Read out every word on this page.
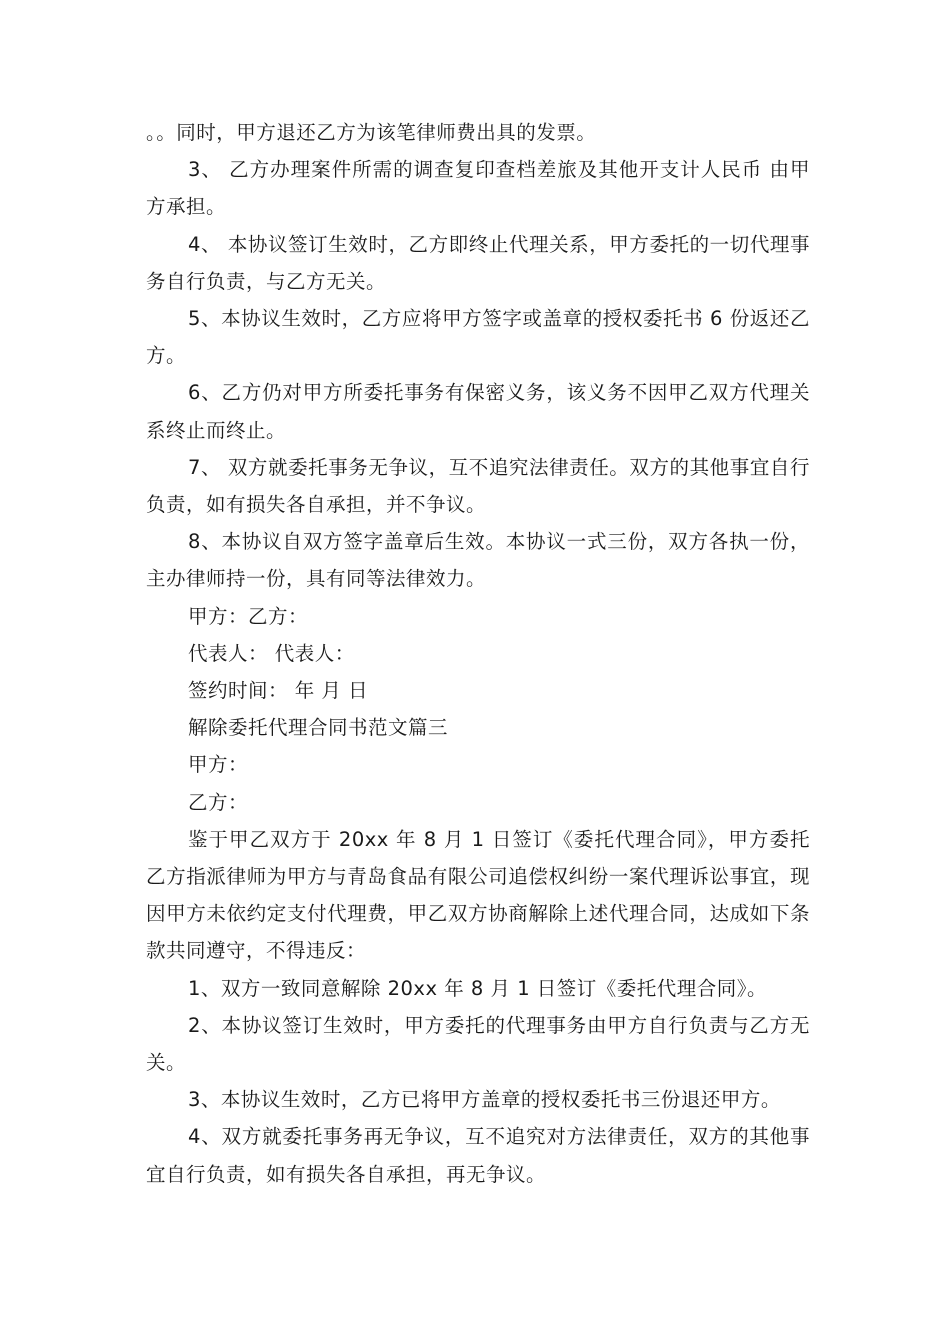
。。同时，甲方退还乙方为该笔律师费出具的发票。

3、 乙方办理案件所需的调查复印查档差旅及其他开支计人民币 由甲方承担。

4、 本协议签订生效时，乙方即终止代理关系，甲方委托的一切代理事务自行负责，与乙方无关。

5、本协议生效时，乙方应将甲方签字或盖章的授权委托书 6 份返还乙方。

6、乙方仍对甲方所委托事务有保密义务，该义务不因甲乙双方代理关系终止而终止。

7、 双方就委托事务无争议，互不追究法律责任。双方的其他事宜自行负责，如有损失各自承担，并不争议。

8、本协议自双方签字盖章后生效。本协议一式三份，双方各执一份，主办律师持一份，具有同等法律效力。

甲方：乙方：

代表人： 代表人：

签约时间： 年 月 日

解除委托代理合同书范文篇三

甲方：

乙方：

鉴于甲乙双方于 20xx 年 8 月 1 日签订《委托代理合同》，甲方委托乙方指派律师为甲方与青岛食品有限公司追偿权纠纷一案代理诉讼事宜，现因甲方未依约定支付代理费，甲乙双方协商解除上述代理合同，达成如下条款共同遵守，不得违反：

1、双方一致同意解除 20xx 年 8 月 1 日签订《委托代理合同》。

2、本协议签订生效时，甲方委托的代理事务由甲方自行负责与乙方无关。

3、本协议生效时，乙方已将甲方盖章的授权委托书三份退还甲方。

4、双方就委托事务再无争议，互不追究对方法律责任，双方的其他事宜自行负责，如有损失各自承担，再无争议。
